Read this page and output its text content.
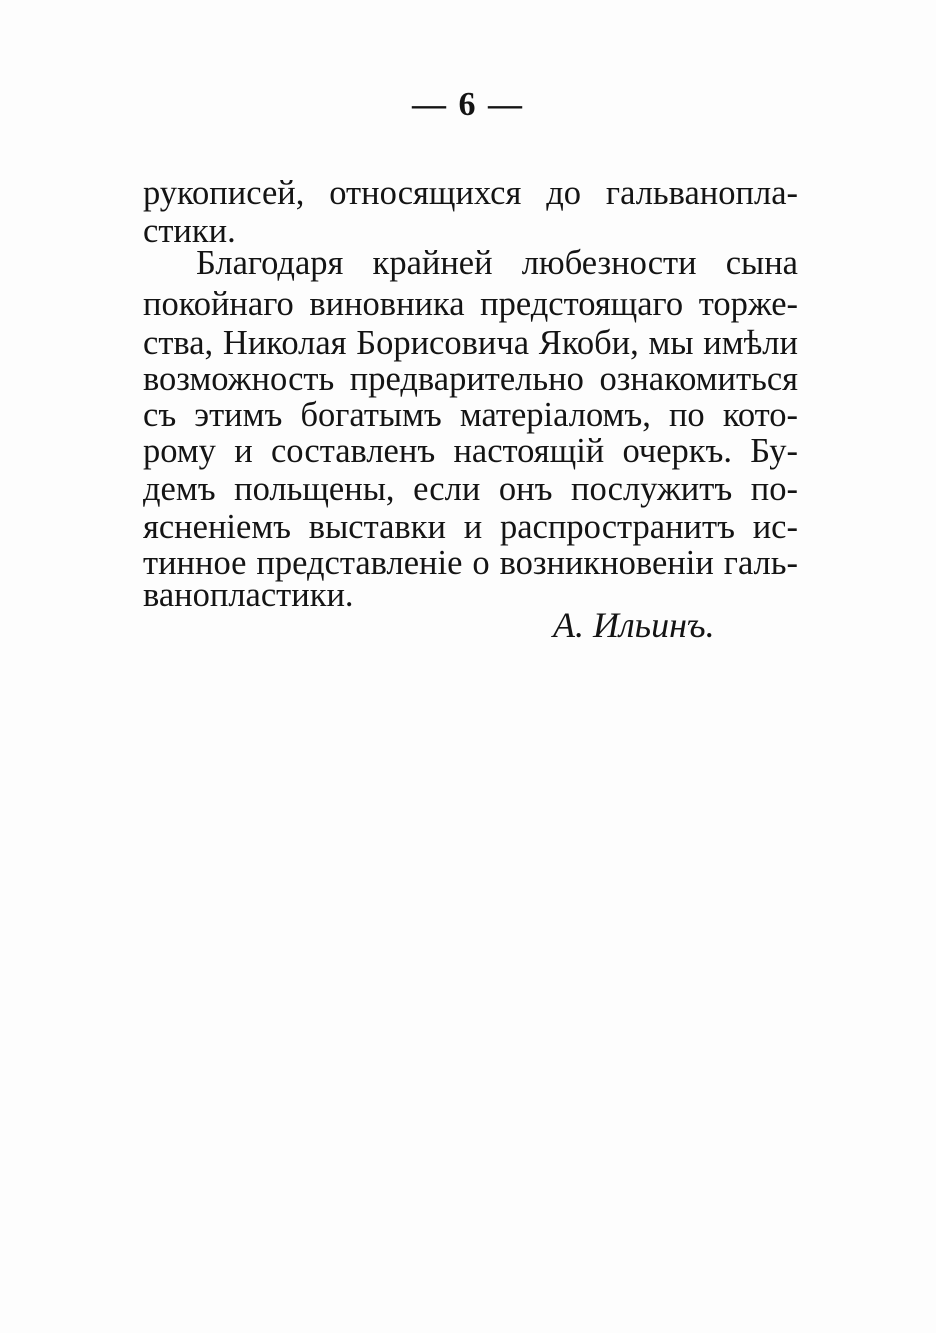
— 6 —
рукописей, относящихся до гальванопла-
стики.
Благодаря крайней любезности сына
покойнаго виновника предстоящаго торже-
ства, Николая Борисовича Якоби, мы имѣли
возможность предварительно ознакомиться
съ этимъ богатымъ матеріаломъ, по кото-
рому и составленъ настоящій очеркъ. Бу-
демъ польщены, если онъ послужитъ по-
ясненіемъ выставки и распространитъ ис-
тинное представленіе о возникновеніи галь-
ванопластики.
А. Ильинъ.
